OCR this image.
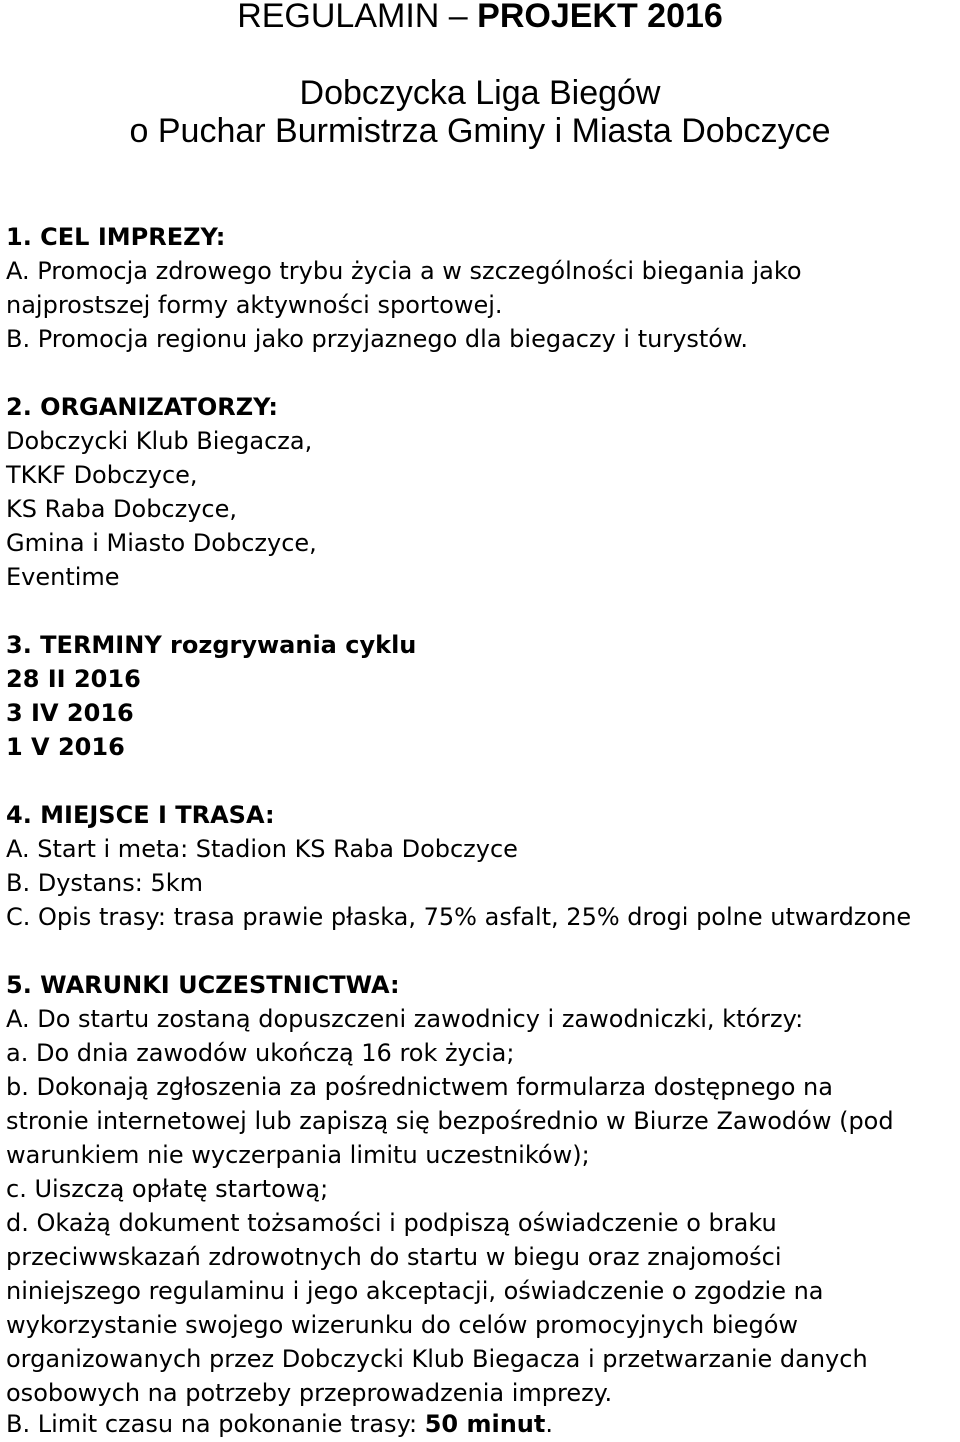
REGULAMIN – PROJEKT 2016
Dobczycka Liga Biegów
o Puchar Burmistrza Gminy i Miasta Dobczyce
1. CEL IMPREZY:
A. Promocja zdrowego trybu życia a w szczególności biegania jako
najprostszej formy aktywności sportowej.
B. Promocja regionu jako przyjaznego dla biegaczy i turystów.
2. ORGANIZATORZY:
Dobczycki Klub Biegacza,
TKKF Dobczyce,
KS Raba Dobczyce,
Gmina i Miasto Dobczyce,
Eventime
3. TERMINY rozgrywania cyklu
28 II 2016
3 IV 2016
1 V 2016
4. MIEJSCE I TRASA:
A. Start i meta: Stadion KS Raba Dobczyce
B. Dystans: 5km
C. Opis trasy: trasa prawie płaska, 75% asfalt, 25% drogi polne utwardzone
5. WARUNKI UCZESTNICTWA:
A. Do startu zostaną dopuszczeni zawodnicy i zawodniczki, którzy:
a. Do dnia zawodów ukończą 16 rok życia;
b. Dokonają zgłoszenia za pośrednictwem formularza dostępnego na
stronie internetowej lub zapiszą się bezpośrednio w Biurze Zawodów (pod
warunkiem nie wyczerpania limitu uczestników);
c. Uiszczą opłatę startową;
d. Okażą dokument tożsamości i podpiszą oświadczenie o braku
przeciwwskazań zdrowotnych do startu w biegu oraz znajomości
niniejszego regulaminu i jego akceptacji, oświadczenie o zgodzie na
wykorzystanie swojego wizerunku do celów promocyjnych biegów
organizowanych przez Dobczycki Klub Biegacza i przetwarzanie danych
osobowych na potrzeby przeprowadzenia imprezy.
B. Limit czasu na pokonanie trasy: 50 minut.
